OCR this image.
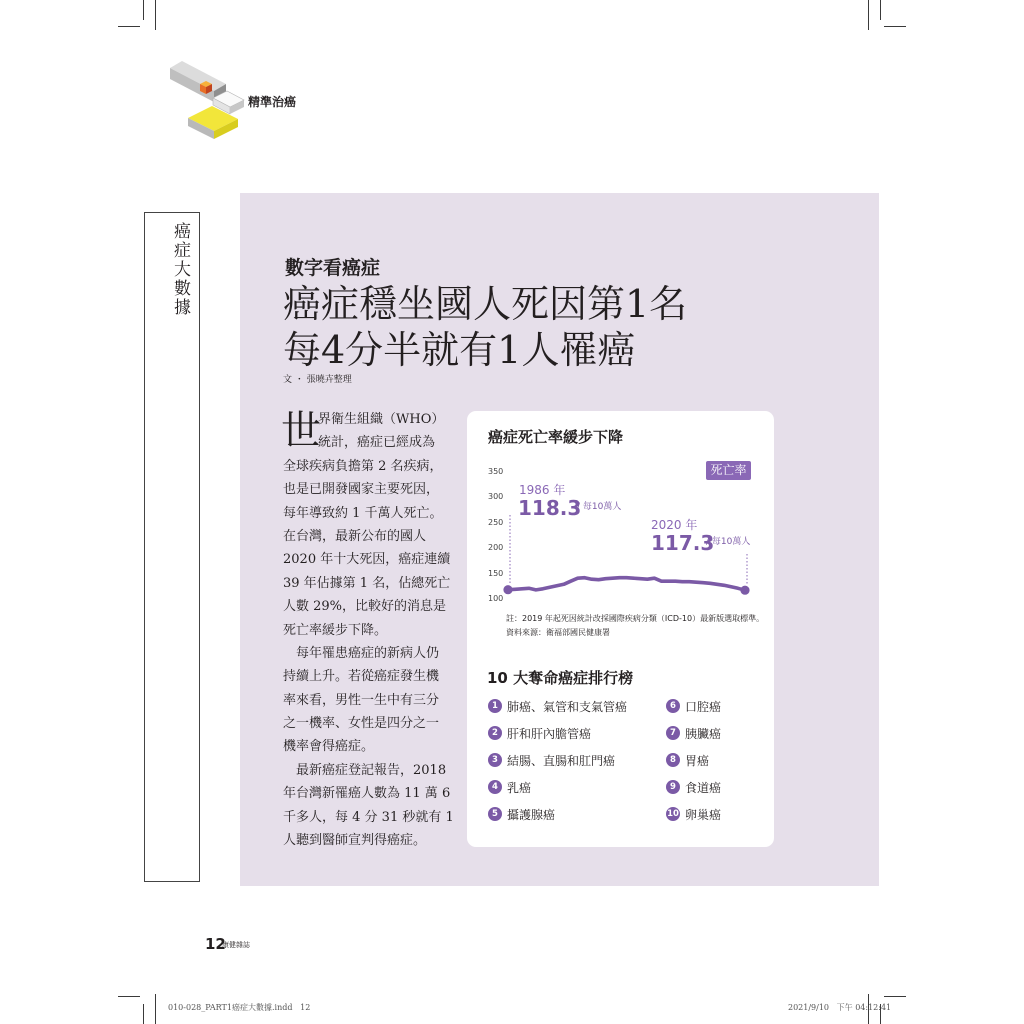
精準治癌
癌症大數據	數字看癌症
癌症穩坐國人死因第1名
每4分半就有1人罹癌
文 ・ 張曉卉整理
世
界衛生組織（WHO）
統計，癌症已經成為
全球疾病負擔第 2 名疾病，
也是已開發國家主要死因，
每年導致約 1 千萬人死亡。
在台灣，最新公布的國人
2020 年十大死因，癌症連續
39 年佔據第 1 名，佔總死亡
人數 29%，比較好的消息是
死亡率緩步下降。
每年罹患癌症的新病人仍
持續上升。若從癌症發生機
率來看，男性一生中有三分
之一機率、女性是四分之一
機率會得癌症。
最新癌症登記報告，2018
年台灣新罹癌人數為 11 萬 6
千多人，每 4 分 31 秒就有 1
人聽到醫師宣判得癌症。
癌症死亡率緩步下降
死亡率
1986 年
118.3
/ 每10萬人
2020 年
117.3
/ 每10萬人
註：2019 年起死因統計改採國際疾病分類（ICD-10）最新版選取標準。
資料來源：衛福部國民健康署
10 大奪命癌症排行榜
1 肺癌、氣管和支氣管癌
2 肝和肝內膽管癌
3 結腸、直腸和肛門癌
4 乳癌
5 攝護腺癌
6 口腔癌
7 胰臟癌
8 胃癌
9 食道癌
10 卵巢癌
350
300
250
200
150
100
12
康健雜誌
010-028_PART1癌症大數據.indd   12	2021/9/10   下午 04:12:41
